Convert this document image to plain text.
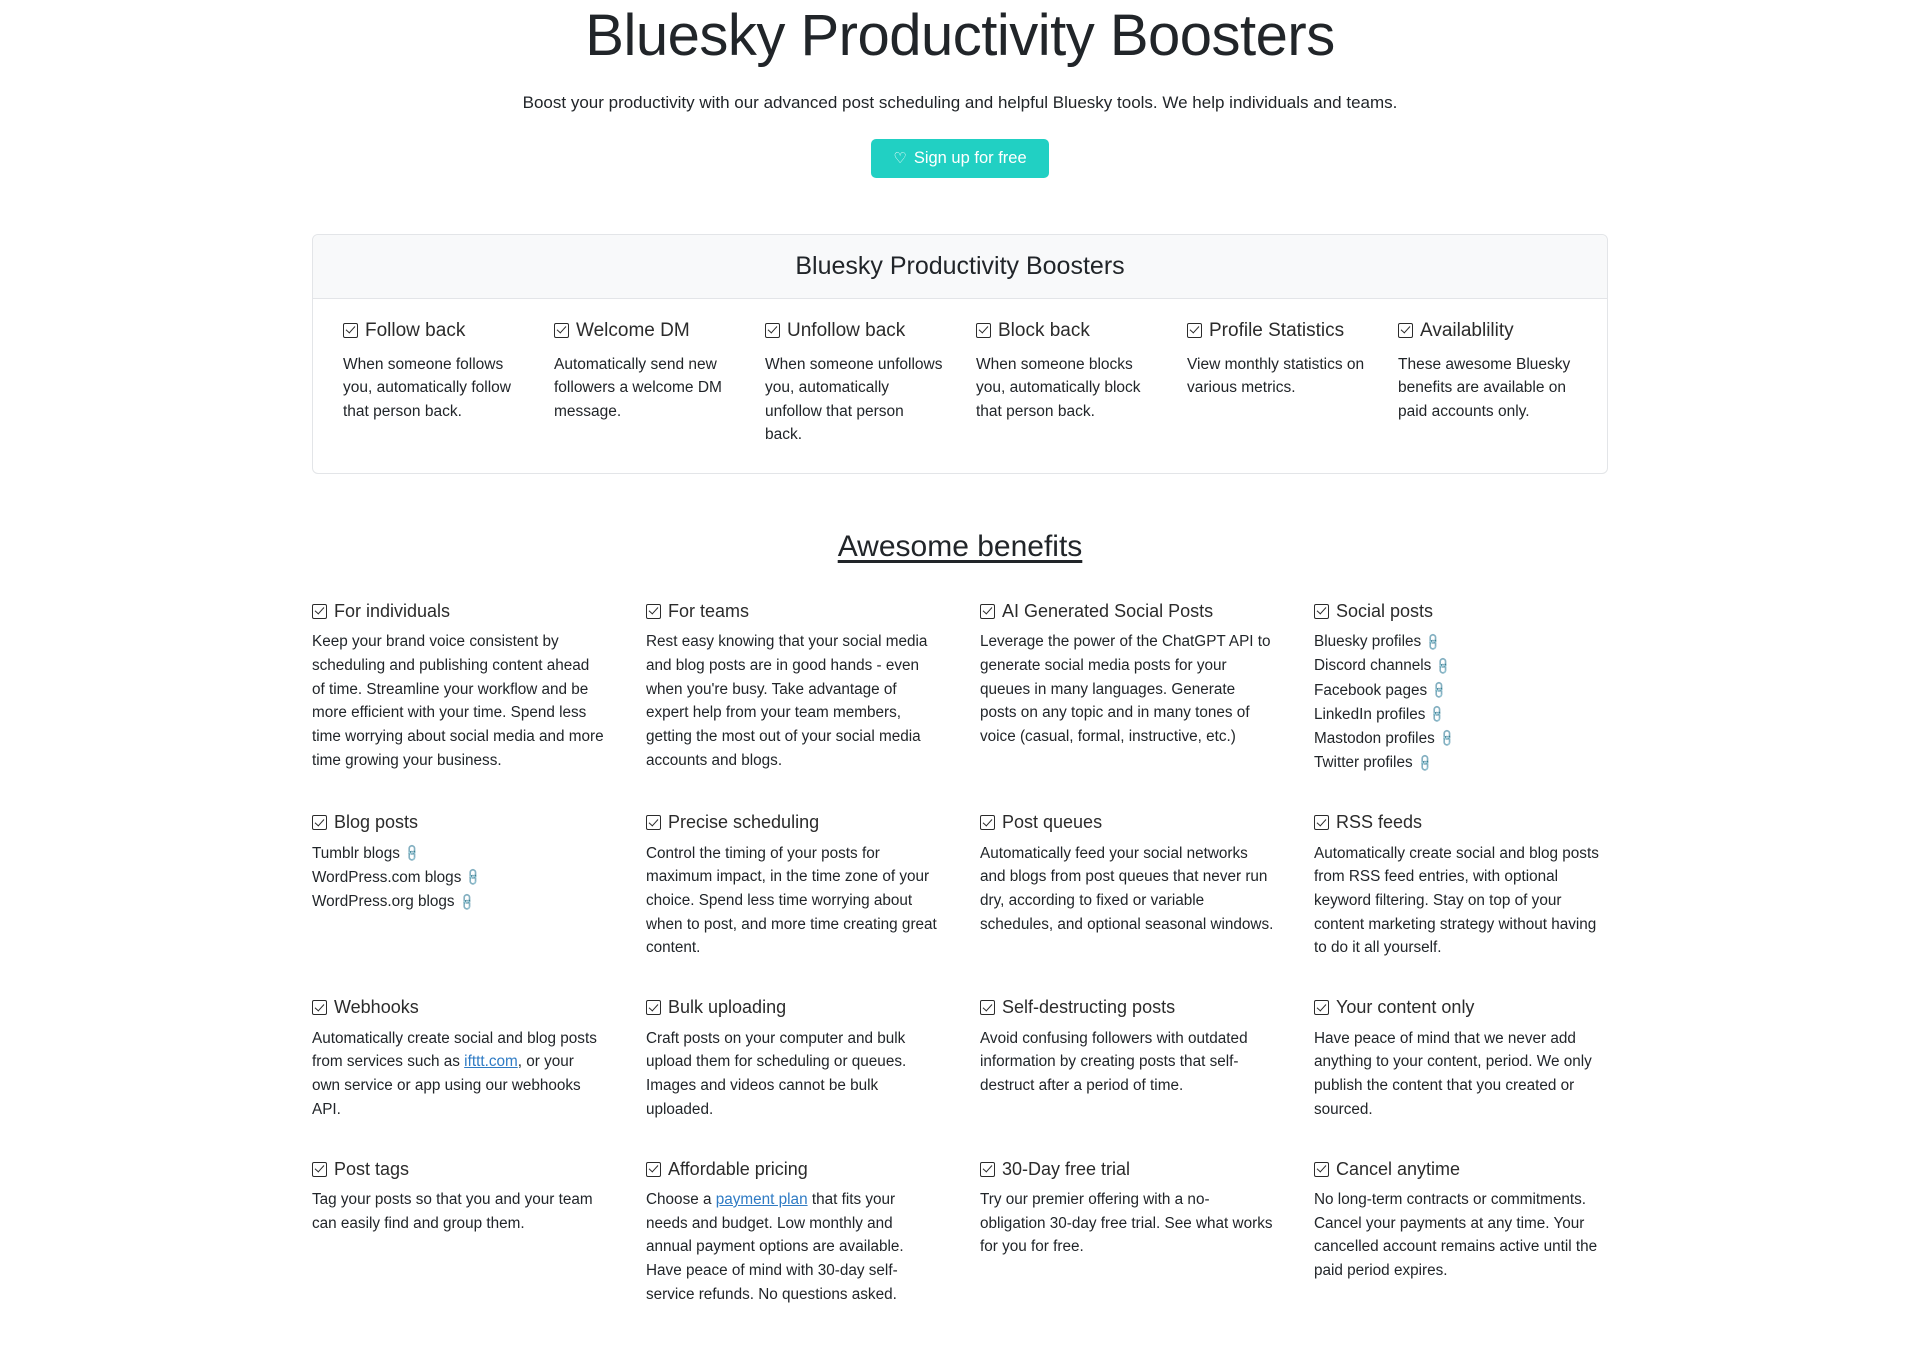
Bluesky Productivity Boosters

Boost your productivity with our advanced post scheduling and helpful Bluesky tools. We help individuals and teams.

♡ Sign up for free
Bluesky Productivity Boosters
Follow back
When someone follows you, automatically follow that person back.
Welcome DM
Automatically send new followers a welcome DM message.
Unfollow back
When someone unfollows you, automatically unfollow that person back.
Block back
When someone blocks you, automatically block that person back.
Profile Statistics
View monthly statistics on various metrics.
Availablility
These awesome Bluesky benefits are available on paid accounts only.
Awesome benefits
For individuals
Keep your brand voice consistent by scheduling and publishing content ahead of time. Streamline your workflow and be more efficient with your time. Spend less time worrying about social media and more time growing your business.
For teams
Rest easy knowing that your social media and blog posts are in good hands - even when you're busy. Take advantage of expert help from your team members, getting the most out of your social media accounts and blogs.
AI Generated Social Posts
Leverage the power of the ChatGPT API to generate social media posts for your queues in many languages. Generate posts on any topic and in many tones of voice (casual, formal, instructive, etc.)
Social posts
Bluesky profiles 🔗
Discord channels 🔗
Facebook pages 🔗
LinkedIn profiles 🔗
Mastodon profiles 🔗
Twitter profiles 🔗
Blog posts
Tumblr blogs 🔗
WordPress.com blogs 🔗
WordPress.org blogs 🔗
Precise scheduling
Control the timing of your posts for maximum impact, in the time zone of your choice. Spend less time worrying about when to post, and more time creating great content.
Post queues
Automatically feed your social networks and blogs from post queues that never run dry, according to fixed or variable schedules, and optional seasonal windows.
RSS feeds
Automatically create social and blog posts from RSS feed entries, with optional keyword filtering. Stay on top of your content marketing strategy without having to do it all yourself.
Webhooks
Automatically create social and blog posts from services such as ifttt.com, or your own service or app using our webhooks API.
Bulk uploading
Craft posts on your computer and bulk upload them for scheduling or queues. Images and videos cannot be bulk uploaded.
Self-destructing posts
Avoid confusing followers with outdated information by creating posts that self-destruct after a period of time.
Your content only
Have peace of mind that we never add anything to your content, period. We only publish the content that you created or sourced.
Post tags
Tag your posts so that you and your team can easily find and group them.
Affordable pricing
Choose a payment plan that fits your needs and budget. Low monthly and annual payment options are available. Have peace of mind with 30-day self-service refunds. No questions asked.
30-Day free trial
Try our premier offering with a no-obligation 30-day free trial. See what works for you for free.
Cancel anytime
No long-term contracts or commitments. Cancel your payments at any time. Your cancelled account remains active until the paid period expires.
